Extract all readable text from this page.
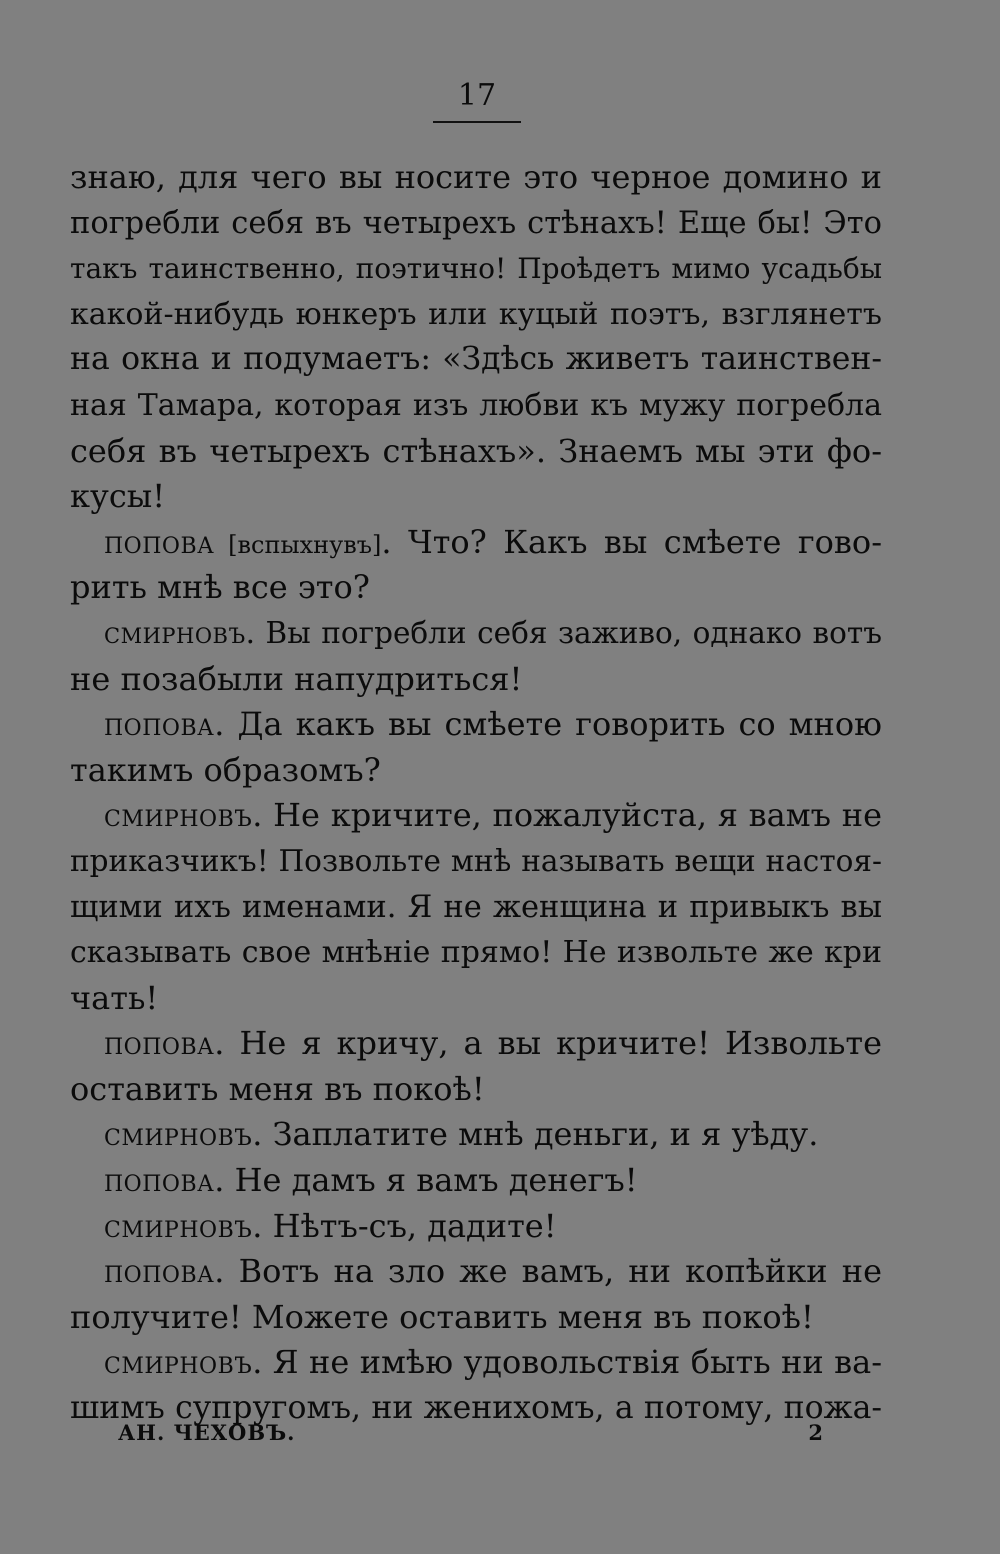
17
знаю, для чего вы носите это черное домино и
погребли себя въ четырехъ стѣнахъ! Еще бы! Это
такъ таинственно, поэтично! Проѣдетъ мимо усадьбы
какой-нибудь юнкеръ или куцый поэтъ, взглянетъ
на окна и подумаетъ: «Здѣсь живетъ таинствен-
ная Тамара, которая изъ любви къ мужу погребла
себя въ четырехъ стѣнахъ». Знаемъ мы эти фо-
кусы!
попова [вспыхнувъ]. Что? Какъ вы смѣете гово-
рить мнѣ все это?
смирновъ. Вы погребли себя заживо, однако вотъ
не позабыли напудриться!
попова. Да какъ вы смѣете говорить со мною
такимъ образомъ?
смирновъ. Не кричите, пожалуйста, я вамъ не
приказчикъ! Позвольте мнѣ называть вещи настоя-
щими ихъ именами. Я не женщина и привыкъ вы
сказывать свое мнѣніе прямо! Не извольте же кри
чать!
попова. Не я кричу, а вы кричите! Извольте
оставить меня въ покоѣ!
смирновъ. Заплатите мнѣ деньги, и я уѣду.
попова. Не дамъ я вамъ денегъ!
смирновъ. Нѣтъ-съ, дадите!
попова. Вотъ на зло же вамъ, ни копѣйки не
получите! Можете оставить меня въ покоѣ!
смирновъ. Я не имѣю удовольствія быть ни ва-
шимъ супругомъ, ни женихомъ, а потому, пожа-
АН. ЧЕХОВЪ.	2
